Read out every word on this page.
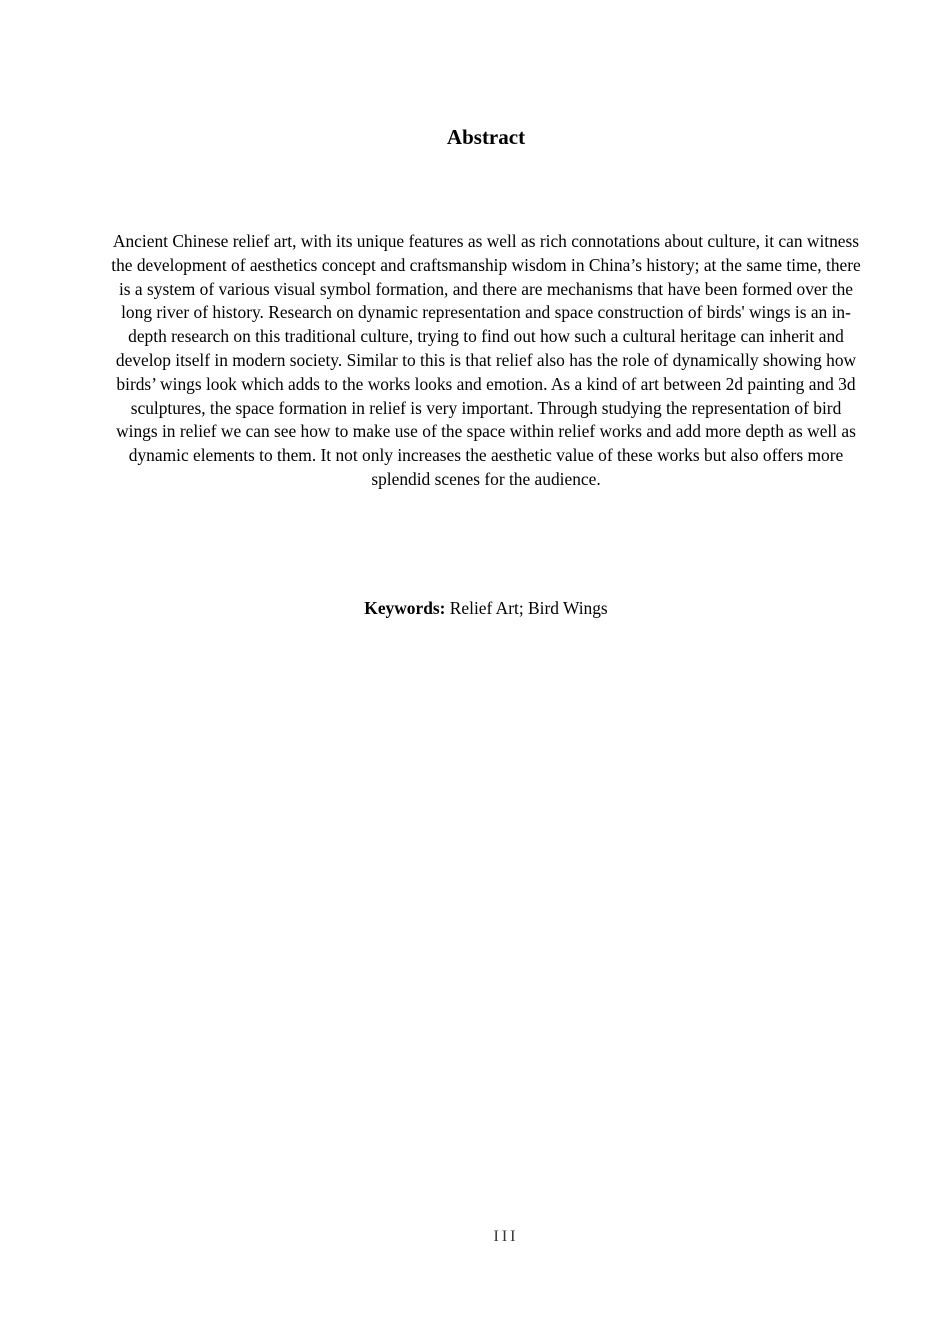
Abstract

Ancient Chinese relief art, with its unique features as well as rich connotations about culture, it can witness the development of aesthetics concept and craftsmanship wisdom in China’s history; at the same time, there is a system of various visual symbol formation, and there are mechanisms that have been formed over the long river of history. Research on dynamic representation and space construction of birds' wings is an in-depth research on this traditional culture, trying to find out how such a cultural heritage can inherit and develop itself in modern society. Similar to this is that relief also has the role of dynamically showing how birds’ wings look which adds to the works looks and emotion. As a kind of art between 2d painting and 3d sculptures, the space formation in relief is very important. Through studying the representation of bird wings in relief we can see how to make use of the space within relief works and add more depth as well as dynamic elements to them. It not only increases the aesthetic value of these works but also offers more splendid scenes for the audience.

Keywords: Relief Art; Bird Wings

III
